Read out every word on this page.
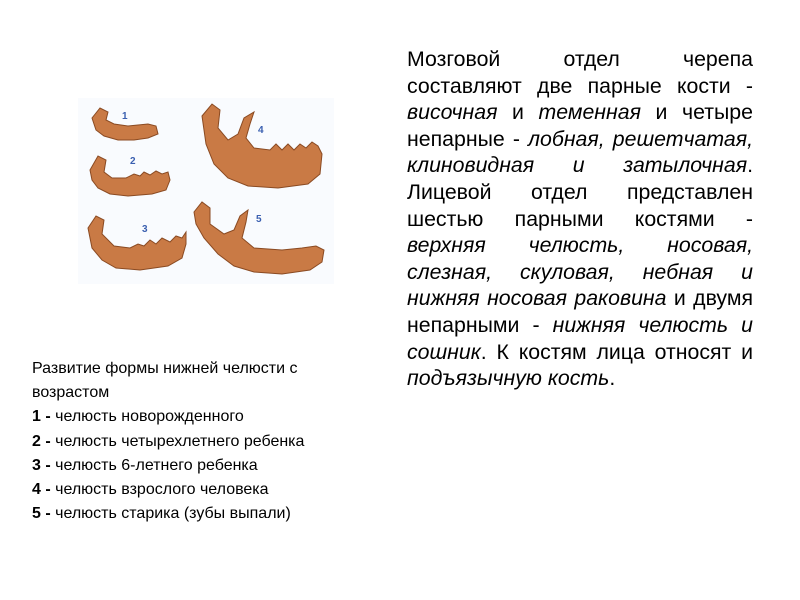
1
2
3
4
5
Развитие формы нижней челюсти с
возрастом
1 - челюсть новорожденного
2 - челюсть четырехлетнего ребенка
3 - челюсть 6-летнего ребенка
4 - челюсть взрослого человека
5 - челюсть старика (зубы выпали)
Мозговой отдел черепа составляют две парные кости - височная и теменная и четыре непарные - лобная, решетчатая, клиновидная и затылочная. Лицевой отдел представлен шестью парными костями - верхняя челюсть, носовая, слезная, скуловая, небная и нижняя носовая раковина и двумя непарными - нижняя челюсть и сошник. К костям лица относят и подъязычную кость.
